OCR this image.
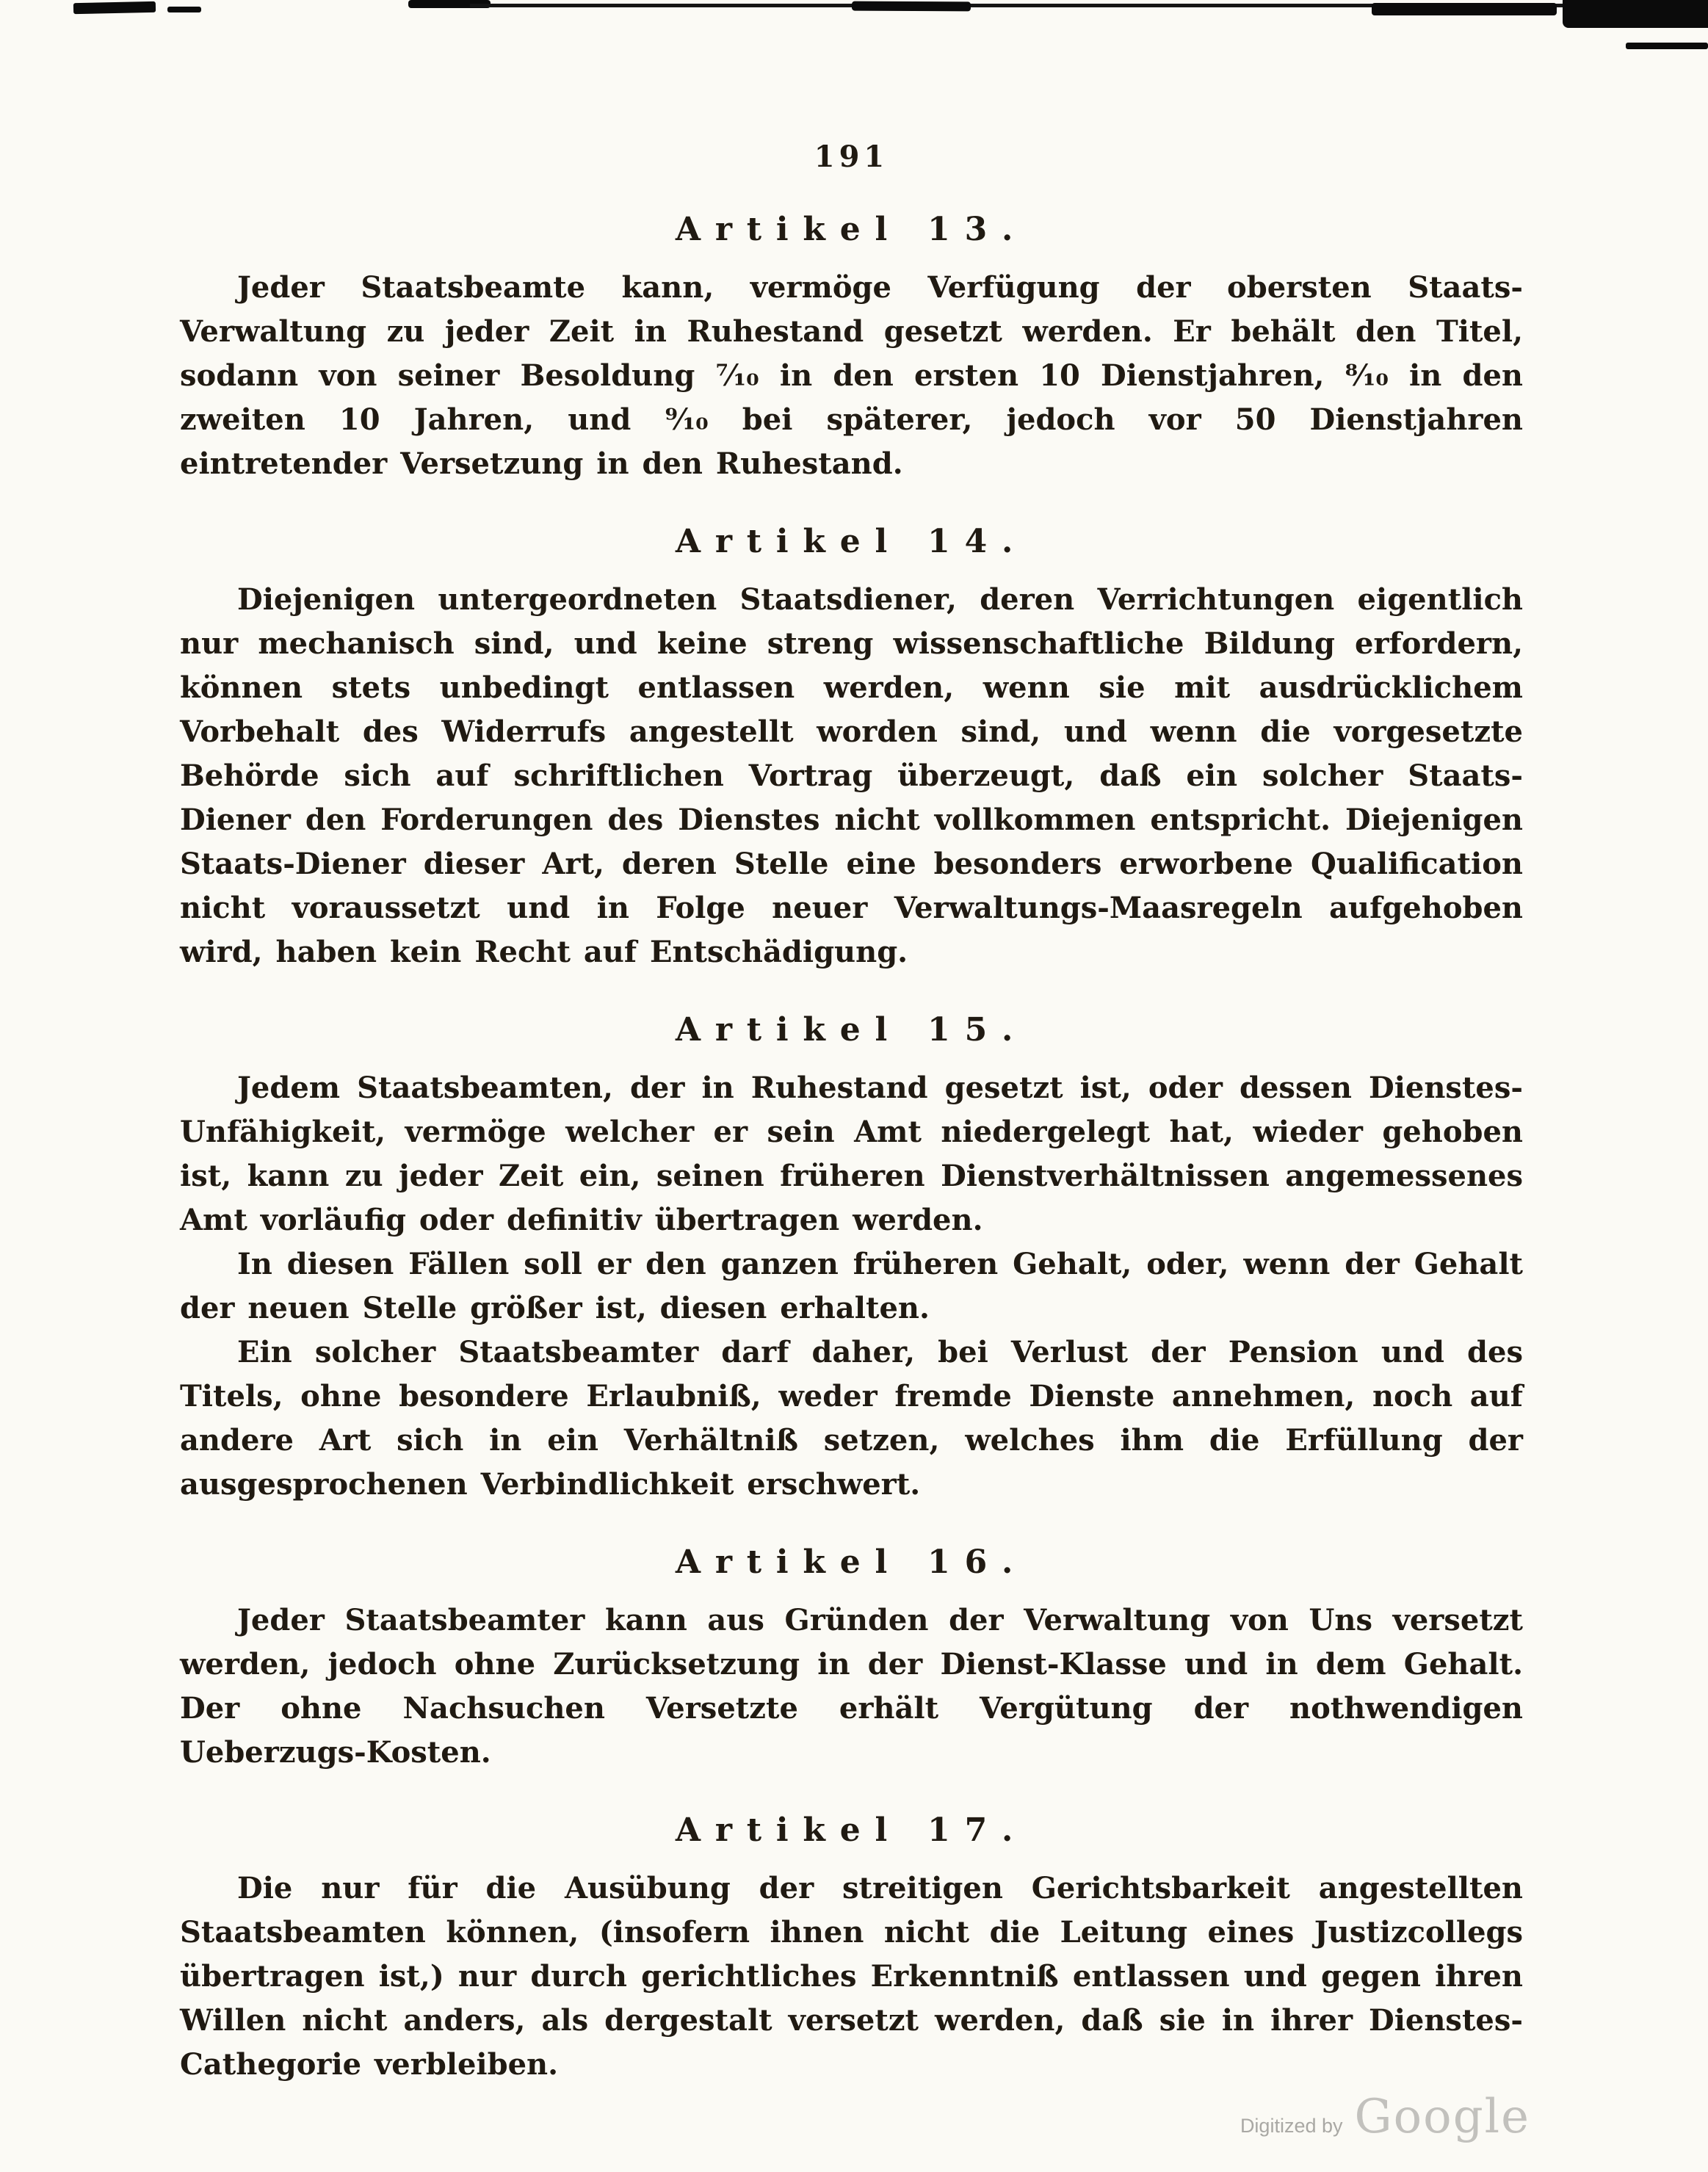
191
Artikel 13.

Jeder Staatsbeamte kann, vermöge Verfügung der obersten Staats-Verwaltung zu jeder Zeit in Ruhestand gesetzt werden. Er behält den Titel, sodann von seiner Besoldung ⁷⁄₁₀ in den ersten 10 Dienstjahren, ⁸⁄₁₀ in den zweiten 10 Jahren, und ⁹⁄₁₀ bei späterer, jedoch vor 50 Dienstjahren eintretender Versetzung in den Ruhestand.

Artikel 14.

Diejenigen untergeordneten Staatsdiener, deren Verrichtungen eigentlich nur mechanisch sind, und keine streng wissenschaftliche Bildung erfordern, können stets unbedingt entlassen werden, wenn sie mit ausdrücklichem Vorbehalt des Widerrufs angestellt worden sind, und wenn die vorgesetzte Behörde sich auf schriftlichen Vortrag überzeugt, daß ein solcher Staats-Diener den Forderungen des Dienstes nicht vollkommen entspricht. Diejenigen Staats-Diener dieser Art, deren Stelle eine besonders erworbene Qualification nicht voraussetzt und in Folge neuer Verwaltungs-Maasregeln aufgehoben wird, haben kein Recht auf Entschädigung.

Artikel 15.

Jedem Staatsbeamten, der in Ruhestand gesetzt ist, oder dessen Dienstes-Unfähigkeit, vermöge welcher er sein Amt niedergelegt hat, wieder gehoben ist, kann zu jeder Zeit ein, seinen früheren Dienstverhältnissen angemessenes Amt vorläufig oder definitiv übertragen werden.

In diesen Fällen soll er den ganzen früheren Gehalt, oder, wenn der Gehalt der neuen Stelle größer ist, diesen erhalten.

Ein solcher Staatsbeamter darf daher, bei Verlust der Pension und des Titels, ohne besondere Erlaubniß, weder fremde Dienste annehmen, noch auf andere Art sich in ein Verhältniß setzen, welches ihm die Erfüllung der ausgesprochenen Verbindlichkeit erschwert.

Artikel 16.

Jeder Staatsbeamter kann aus Gründen der Verwaltung von Uns versetzt werden, jedoch ohne Zurücksetzung in der Dienst-Klasse und in dem Gehalt. Der ohne Nachsuchen Versetzte erhält Vergütung der nothwendigen Ueberzugs-Kosten.

Artikel 17.

Die nur für die Ausübung der streitigen Gerichtsbarkeit angestellten Staatsbeamten können, (insofern ihnen nicht die Leitung eines Justizcollegs übertragen ist,) nur durch gerichtliches Erkenntniß entlassen und gegen ihren Willen nicht anders, als dergestalt versetzt werden, daß sie in ihrer Dienstes-Cathegorie verbleiben.

Digitized by Google
